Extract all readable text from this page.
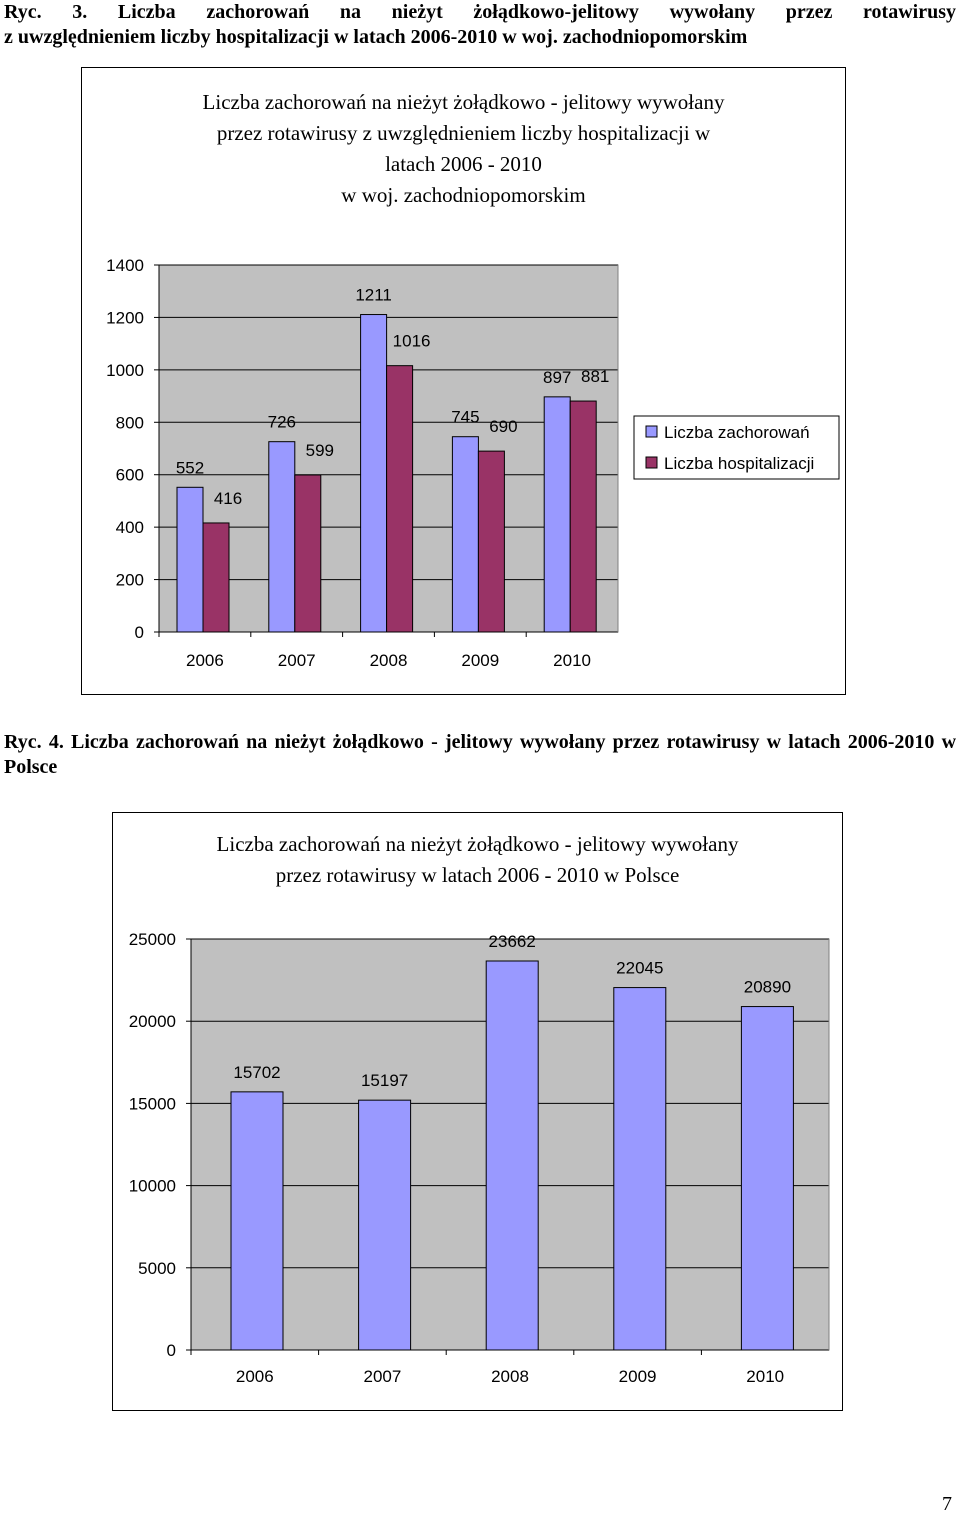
Ryc. 3. Liczba zachorowań na nieżyt żołądkowo-jelitowy wywołany przez rotawirusy
z uwzględnieniem liczby hospitalizacji w latach 2006-2010 w woj. zachodniopomorskim
Liczba zachorowań na nieżyt żołądkowo - jelitowy wywołany
przez rotawirusy z uwzględnieniem liczby hospitalizacji w
latach 2006 - 2010
w woj. zachodniopomorskim
0
200
400
600
800
1000
1200
1400
2006
552
416
2007
726
599
2008
1211
1016
2009
745 690
2010
897 881
Liczba zachorowań
Liczba hospitalizacji
Ryc. 4. Liczba zachorowań na nieżyt żołądkowo - jelitowy wywołany przez rotawirusy w latach 2006-2010 w Polsce
Liczba zachorowań na nieżyt żołądkowo - jelitowy wywołany
przez rotawirusy w latach 2006 - 2010 w Polsce
0
5000
10000
15000
20000
25000
2006
15702
2007
15197
2008
23662
2009
22045
2010
20890
7
